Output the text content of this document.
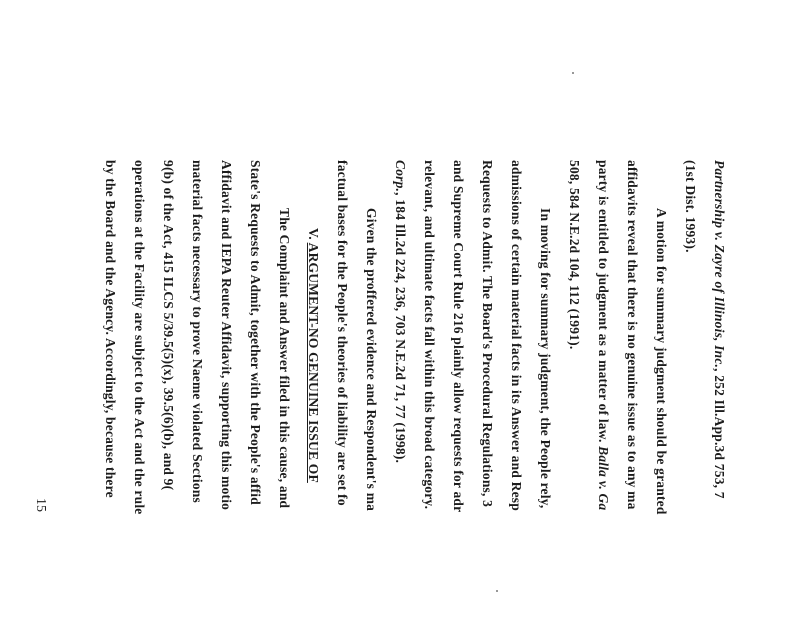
Partnership v. Zayre of Illinois, Inc., 252 Ill.App.3d 753, 7
(1st Dist. 1993).
A motion for summary judgment should be granted
affidavits reveal that there is no genuine issue as to any ma
party is entitled to judgment as a matter of law. Balla v. Ga
508, 584 N.E.2d 104, 112 (1991).
In moving for summary judgment, the People rely,
admissions of certain material facts in its Answer and Resp
Requests to Admit. The Board's Procedural Regulations, 3
and Supreme Court Rule 216 plainly allow requests for adr
relevant, and ultimate facts fall within this broad category.
Corp., 184 Ill.2d 224, 236, 703 N.E.2d 71, 77 (1998).
Given the proffered evidence and Respondent's ma
factual bases for the People's theories of liability are set fo
V. ARGUMENT-NO GENUINE ISSUE OF
The Complaint and Answer filed in this cause, and
State's Requests to Admit, together with the People's affid
Affidavit and IEPA Reuter Affidavit, supporting this motio
material facts necessary to prove Naeme violated Sections
9(b) of the Act, 415 ILCS 5/39.5(5)(x), 39.5(6)(b), and 9(
operations at the Facility are subject to the Act and the rule
by the Board and the Agency. Accordingly, because there
15
